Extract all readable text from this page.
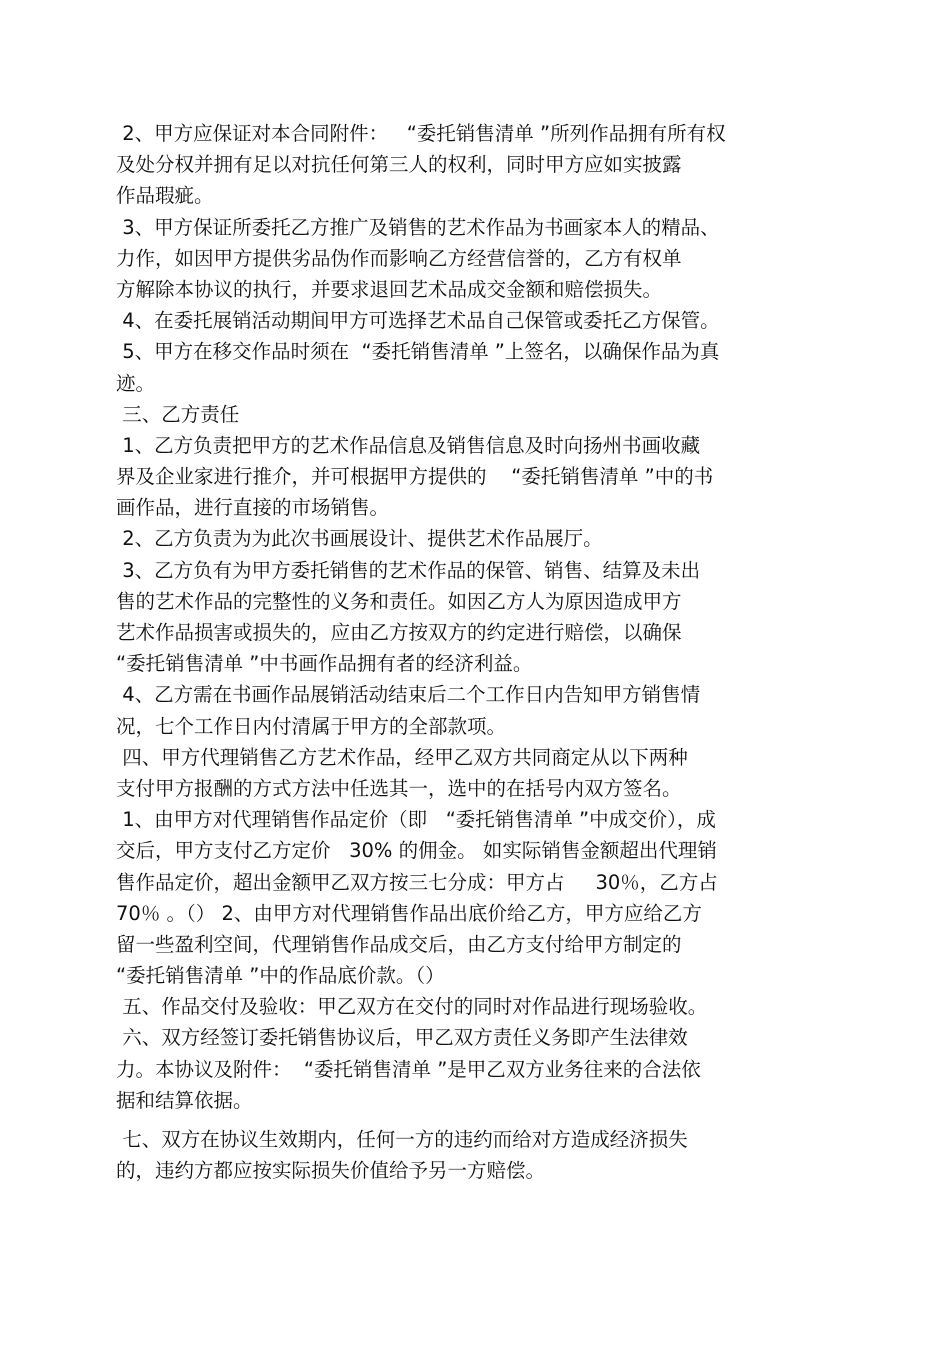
2、甲方应保证对本合同附件：   “委托销售清单 ”所列作品拥有所有权
及处分权并拥有足以对抗任何第三人的权利，同时甲方应如实披露
作品瑕疵。
3、甲方保证所委托乙方推广及销售的艺术作品为书画家本人的精品、
力作，如因甲方提供劣品伪作而影响乙方经营信誉的，乙方有权单
方解除本协议的执行，并要求退回艺术品成交金额和赔偿损失。
4、在委托展销活动期间甲方可选择艺术品自己保管或委托乙方保管。
5、甲方在移交作品时须在  “委托销售清单 ”上签名，以确保作品为真
迹。
三、乙方责任
1、乙方负责把甲方的艺术作品信息及销售信息及时向扬州书画收藏
界及企业家进行推介，并可根据甲方提供的    “委托销售清单 ”中的书
画作品，进行直接的市场销售。
2、乙方负责为为此次书画展设计、提供艺术作品展厅。
3、乙方负有为甲方委托销售的艺术作品的保管、销售、结算及未出
售的艺术作品的完整性的义务和责任。如因乙方人为原因造成甲方
艺术作品损害或损失的，应由乙方按双方的约定进行赔偿，以确保
“委托销售清单 ”中书画作品拥有者的经济利益。
4、乙方需在书画作品展销活动结束后二个工作日内告知甲方销售情
况，七个工作日内付清属于甲方的全部款项。
四、甲方代理销售乙方艺术作品，经甲乙双方共同商定从以下两种
支付甲方报酬的方式方法中任选其一，选中的在括号内双方签名。
1、由甲方对代理销售作品定价（即   “委托销售清单 ”中成交价），成
交后，甲方支付乙方定价   30% 的佣金。 如实际销售金额超出代理销
售作品定价，超出金额甲乙双方按三七分成：甲方占     30％，乙方占
70％ 。（） 2、由甲方对代理销售作品出底价给乙方，甲方应给乙方
留一些盈利空间，代理销售作品成交后，由乙方支付给甲方制定的
“委托销售清单 ”中的作品底价款。（）
五、作品交付及验收：甲乙双方在交付的同时对作品进行现场验收。
六、双方经签订委托销售协议后，甲乙双方责任义务即产生法律效
力。本协议及附件：  “委托销售清单 ”是甲乙双方业务往来的合法依
据和结算依据。
七、双方在协议生效期内，任何一方的违约而给对方造成经济损失
的，违约方都应按实际损失价值给予另一方赔偿。
